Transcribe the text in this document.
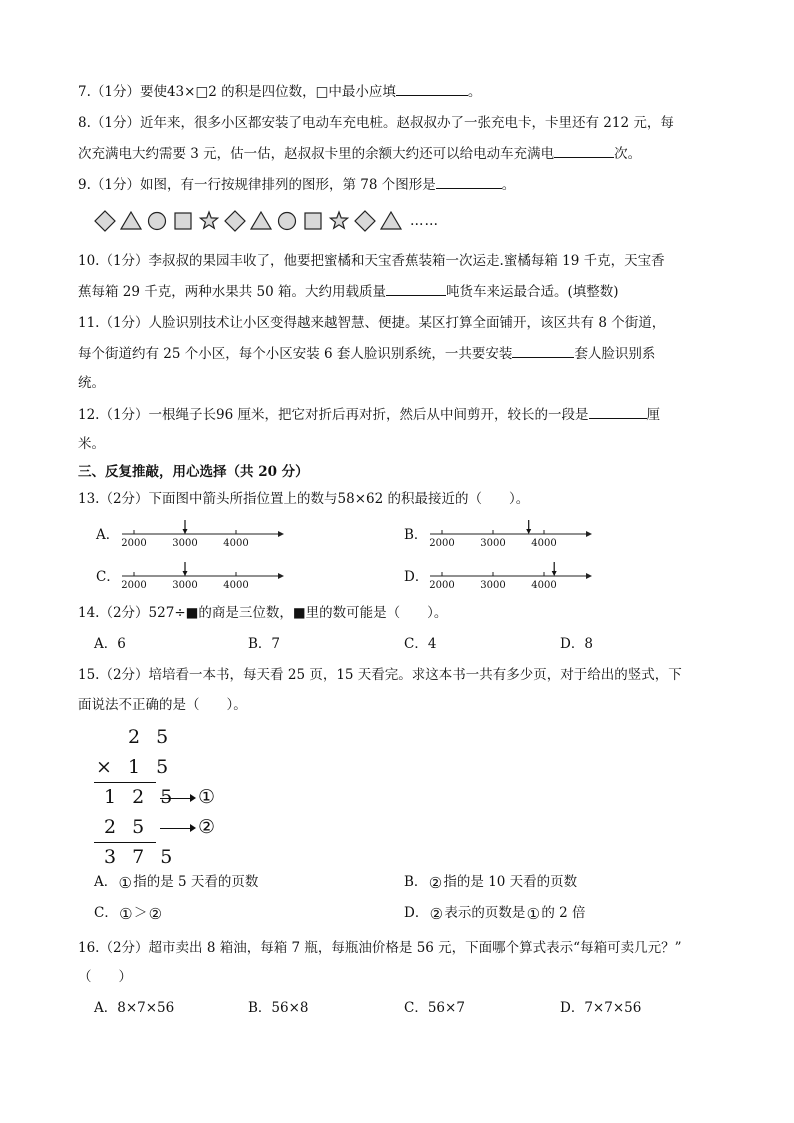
7.（1分）要使43×□2 的积是四位数，□中最小应填	。
8.（1分）近年来，很多小区都安装了电动车充电桩。赵叔叔办了一张充电卡，卡里还有 212 元，每
次充满电大约需要 3 元，估一估，赵叔叔卡里的余额大约还可以给电动车充满电	次。
9.（1分）如图，有一行按规律排列的图形，第 78 个图形是	。
……
10.（1分）李叔叔的果园丰收了，他要把蜜橘和天宝香蕉装箱一次运走.蜜橘每箱 19 千克，天宝香
蕉每箱 29 千克，两种水果共 50 箱。大约用载质量	吨货车来运最合适。(填整数)
11.（1分）人脸识别技术让小区变得越来越智慧、便捷。某区打算全面铺开，该区共有 8 个街道，
每个街道约有 25 个小区，每个小区安装 6 套人脸识别系统，一共要安装	套人脸识别系
统。
12.（1分）一根绳子长96 厘米，把它对折后再对折，然后从中间剪开，较长的一段是	厘
米。
三、反复推敲，用心选择（共 20 分）
13.（2分）下面图中箭头所指位置上的数与58×62 的积最接近的（　　）。
A．
2000	3000	4000
B．
2000	3000	4000
C．
2000	3000	4000
D．
2000	3000	4000
14.（2分）527÷■的商是三位数，■里的数可能是（　　）。
A．6	B．7	C．4	D．8
15.（2分）培培看一本书，每天看 25 页，15 天看完。求这本书一共有多少页，对于给出的竖式，下
面说法不正确的是（　　）。
2 5
× 1 5
1 2 5 ①
2 5	②
3 7 5
A．①指的是 5 天看的页数	B．②指的是 10 天看的页数
C．①＞②	D．②表示的页数是①的 2 倍
16.（2分）超市卖出 8 箱油，每箱 7 瓶，每瓶油价格是 56 元，下面哪个算式表示“每箱可卖几元？”
（　　）
A．8×7×56	B．56×8	C．56×7	D．7×7×56
